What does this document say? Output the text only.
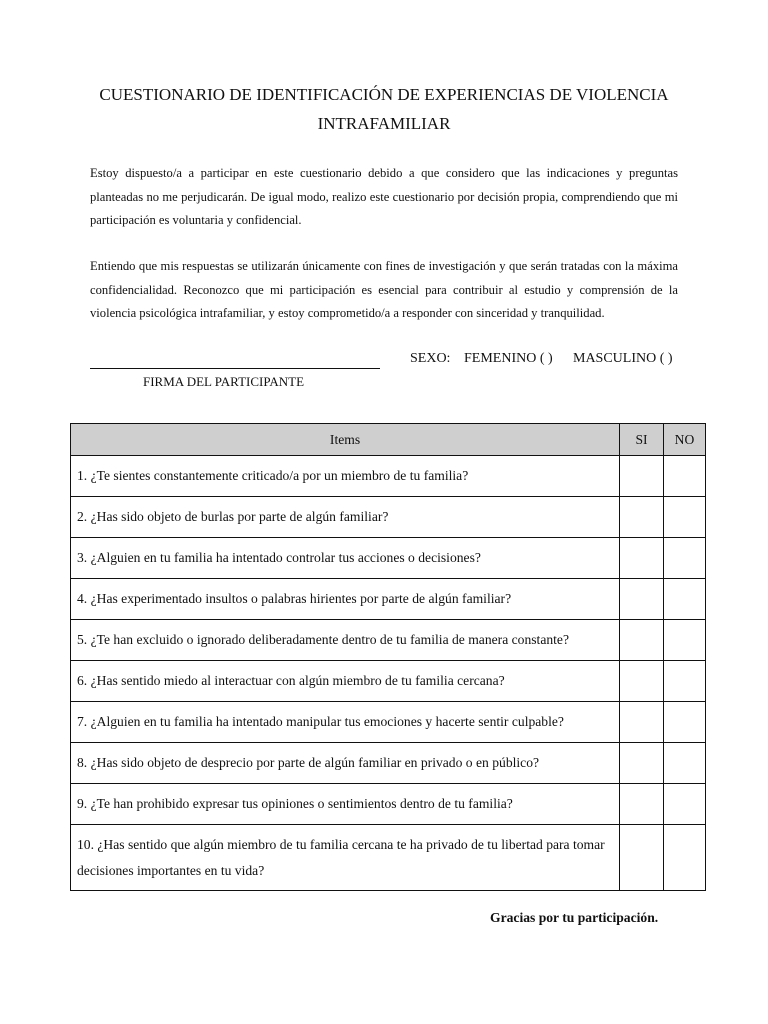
CUESTIONARIO DE IDENTIFICACIÓN DE EXPERIENCIAS DE VIOLENCIA INTRAFAMILIAR

Estoy dispuesto/a a participar en este cuestionario debido a que considero que las indicaciones y preguntas planteadas no me perjudicarán. De igual modo, realizo este cuestionario por decisión propia, comprendiendo que mi participación es voluntaria y confidencial.

Entiendo que mis respuestas se utilizarán únicamente con fines de investigación y que serán tratadas con la máxima confidencialidad. Reconozco que mi participación es esencial para contribuir al estudio y comprensión de la violencia psicológica intrafamiliar, y estoy comprometido/a a responder con sinceridad y tranquilidad.

SEXO: FEMENINO ( ) MASCULINO ( )
FIRMA DEL PARTICIPANTE
Items	SI	NO
1. ¿Te sientes constantemente criticado/a por un miembro de tu familia?		
2. ¿Has sido objeto de burlas por parte de algún familiar?		
3. ¿Alguien en tu familia ha intentado controlar tus acciones o decisiones?		
4. ¿Has experimentado insultos o palabras hirientes por parte de algún familiar?		
5. ¿Te han excluido o ignorado deliberadamente dentro de tu familia de manera constante?		
6. ¿Has sentido miedo al interactuar con algún miembro de tu familia cercana?		
7. ¿Alguien en tu familia ha intentado manipular tus emociones y hacerte sentir culpable?		
8. ¿Has sido objeto de desprecio por parte de algún familiar en privado o en público?		
9. ¿Te han prohibido expresar tus opiniones o sentimientos dentro de tu familia?		
10. ¿Has sentido que algún miembro de tu familia cercana te ha privado de tu libertad para tomar decisiones importantes en tu vida?		
Gracias por tu participación.
